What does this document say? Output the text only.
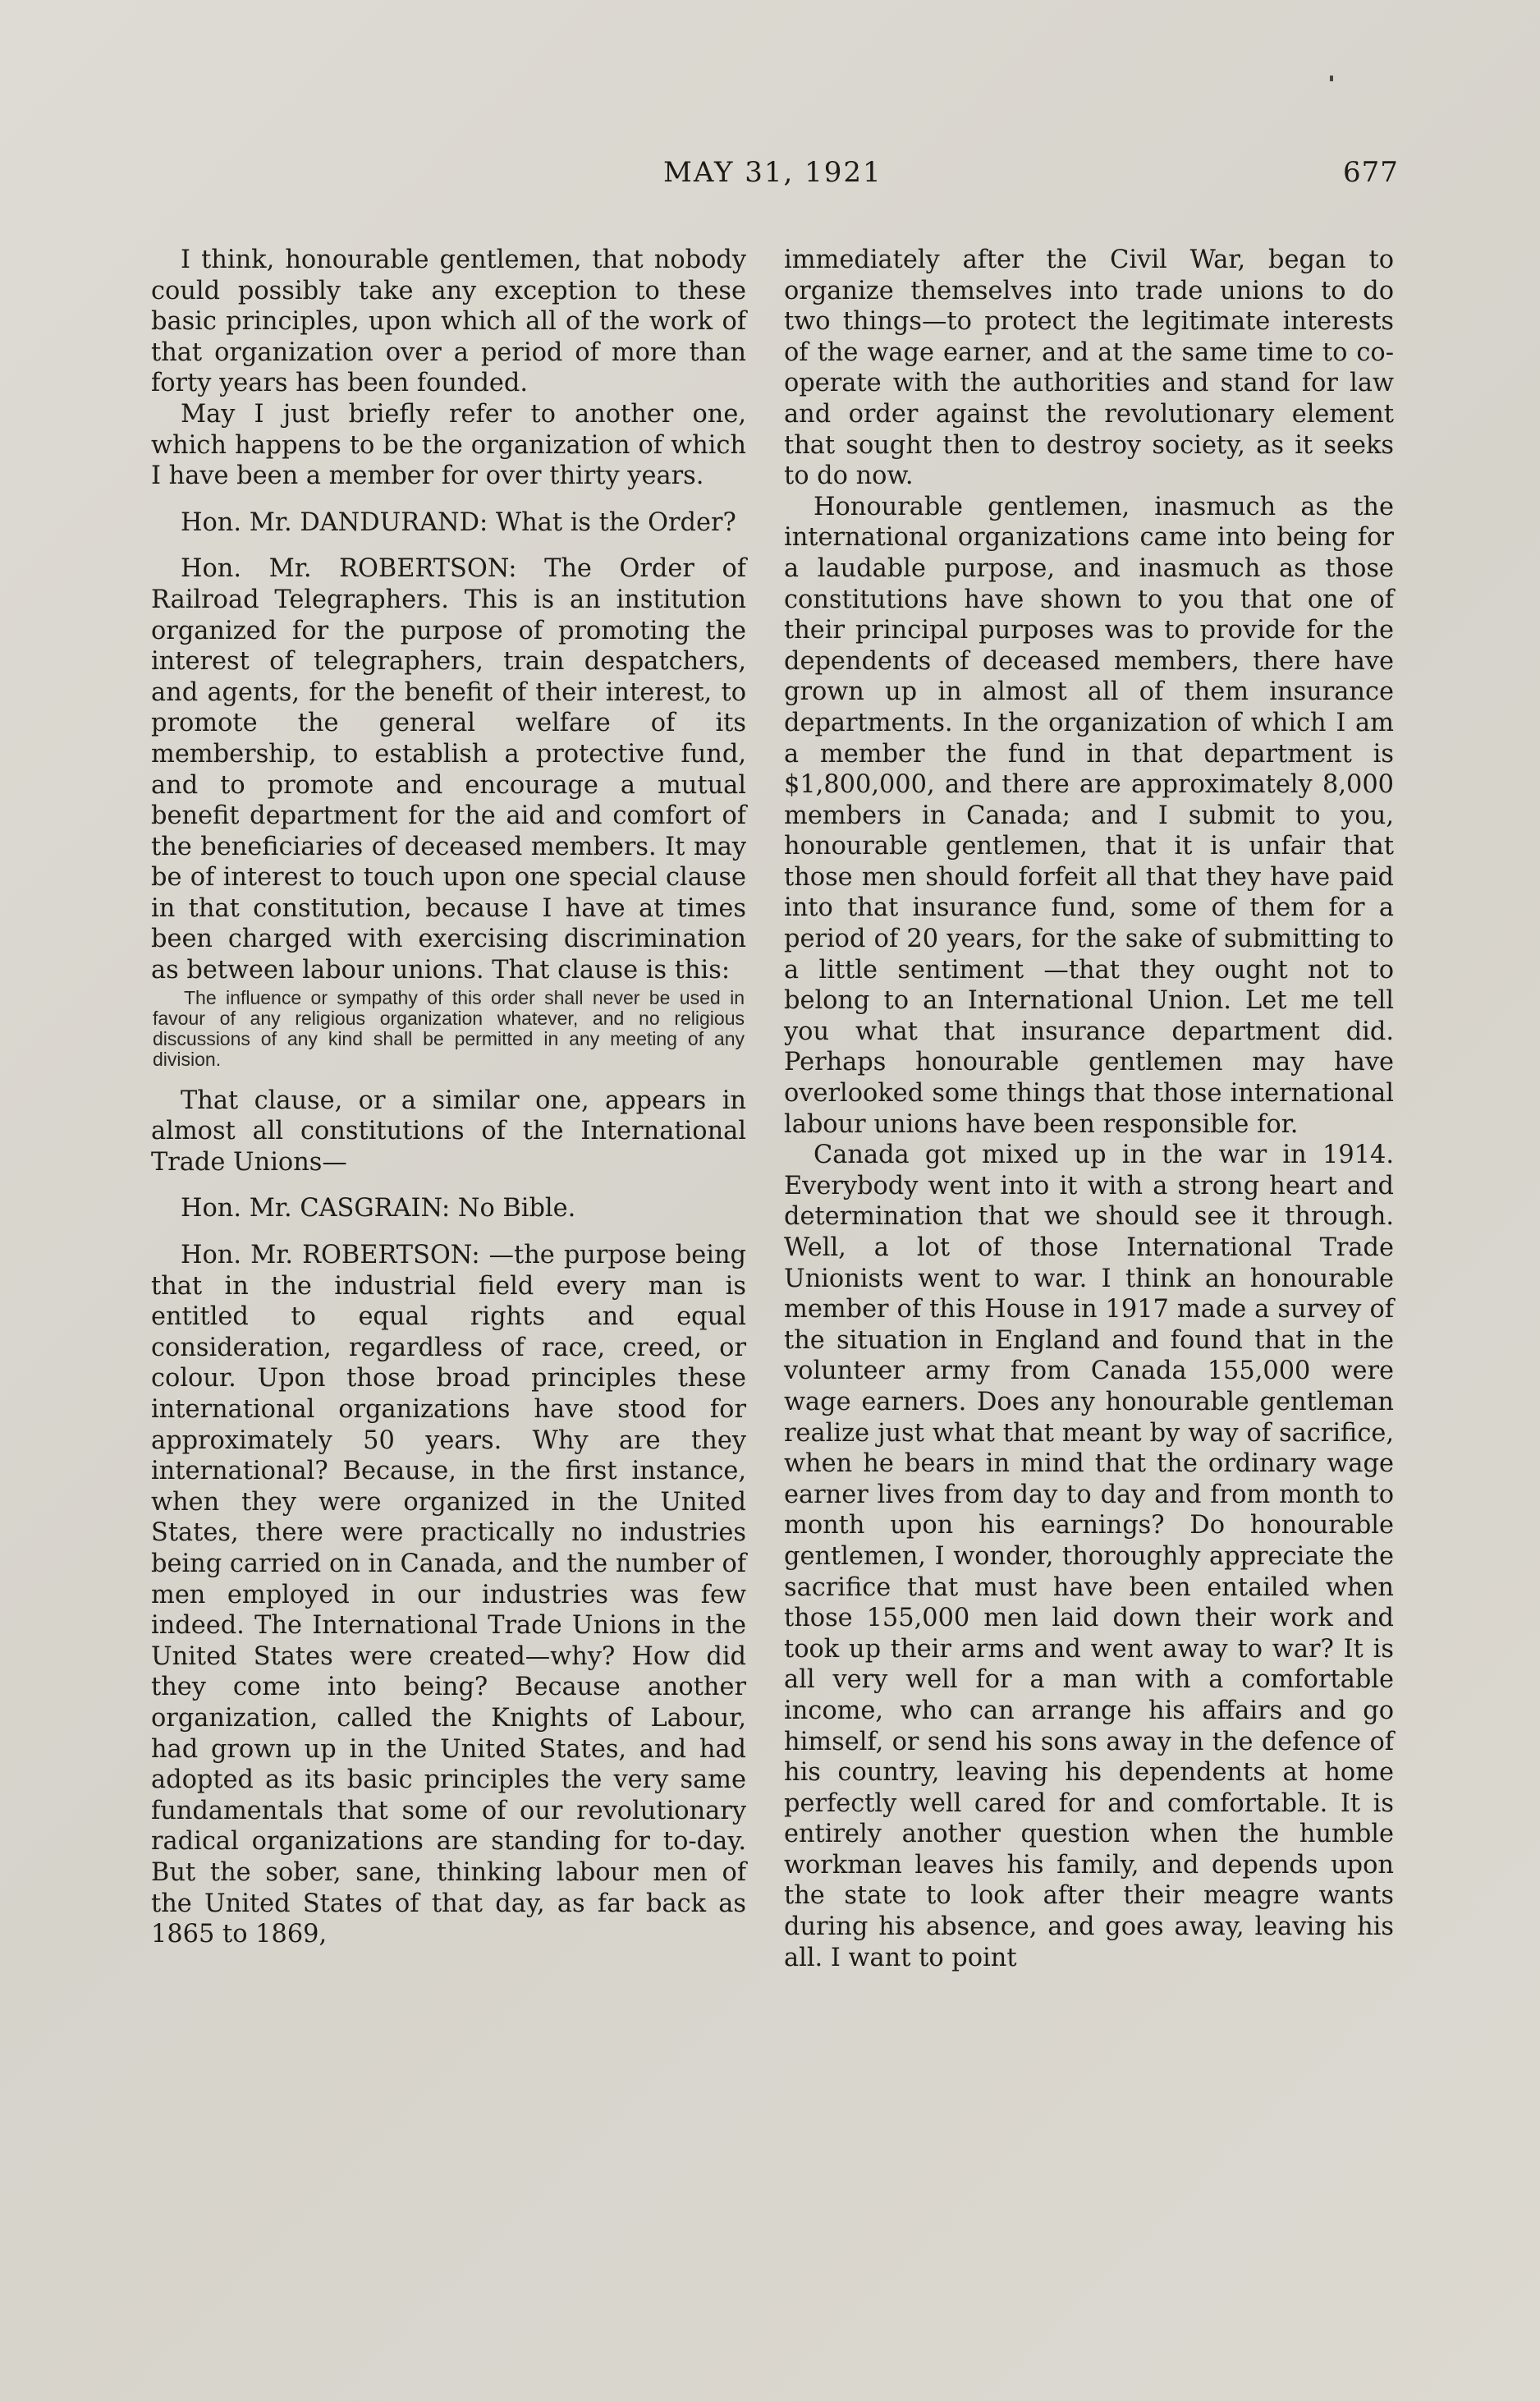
MAY 31, 1921	677

I think, honourable gentlemen, that nobody could possibly take any exception to these basic principles, upon which all of the work of that organization over a period of more than forty years has been founded.

May I just briefly refer to another one, which happens to be the organization of which I have been a member for over thirty years.

Hon. Mr. DANDURAND: What is the Order?

Hon. Mr. ROBERTSON: The Order of Railroad Telegraphers. This is an institution organized for the purpose of promoting the interest of telegraphers, train despatchers, and agents, for the benefit of their interest, to promote the general welfare of its membership, to establish a protective fund, and to promote and encourage a mutual benefit department for the aid and comfort of the beneficiaries of deceased members. It may be of interest to touch upon one special clause in that constitution, because I have at times been charged with exercising discrimination as between labour unions. That clause is this:

The influence or sympathy of this order shall never be used in favour of any religious organization whatever, and no religious discussions of any kind shall be permitted in any meeting of any division.

That clause, or a similar one, appears in almost all constitutions of the International Trade Unions—

Hon. Mr. CASGRAIN: No Bible.

Hon. Mr. ROBERTSON: —the purpose being that in the industrial field every man is entitled to equal rights and equal consideration, regardless of race, creed, or colour. Upon those broad principles these international organizations have stood for approximately 50 years. Why are they international? Because, in the first instance, when they were organized in the United States, there were practically no industries being carried on in Canada, and the number of men employed in our industries was few indeed. The International Trade Unions in the United States were created—why? How did they come into being? Because another organization, called the Knights of Labour, had grown up in the United States, and had adopted as its basic principles the very same fundamentals that some of our revolutionary radical organizations are standing for to-day. But the sober, sane, thinking labour men of the United States of that day, as far back as 1865 to 1869,

immediately after the Civil War, began to organize themselves into trade unions to do two things—to protect the legitimate interests of the wage earner, and at the same time to co-operate with the authorities and stand for law and order against the revolutionary element that sought then to destroy society, as it seeks to do now.

Honourable gentlemen, inasmuch as the international organizations came into being for a laudable purpose, and inasmuch as those constitutions have shown to you that one of their principal purposes was to provide for the dependents of deceased members, there have grown up in almost all of them insurance departments. In the organization of which I am a member the fund in that department is $1,800,000, and there are approximately 8,000 members in Canada; and I submit to you, honourable gentlemen, that it is unfair that those men should forfeit all that they have paid into that insurance fund, some of them for a period of 20 years, for the sake of submitting to a little sentiment —that they ought not to belong to an International Union. Let me tell you what that insurance department did. Perhaps honourable gentlemen may have overlooked some things that those international labour unions have been responsible for.

Canada got mixed up in the war in 1914. Everybody went into it with a strong heart and determination that we should see it through. Well, a lot of those International Trade Unionists went to war. I think an honourable member of this House in 1917 made a survey of the situation in England and found that in the volunteer army from Canada 155,000 were wage earners. Does any honourable gentleman realize just what that meant by way of sacrifice, when he bears in mind that the ordinary wage earner lives from day to day and from month to month upon his earnings? Do honourable gentlemen, I wonder, thoroughly appreciate the sacrifice that must have been entailed when those 155,000 men laid down their work and took up their arms and went away to war? It is all very well for a man with a comfortable income, who can arrange his affairs and go himself, or send his sons away in the defence of his country, leaving his dependents at home perfectly well cared for and comfortable. It is entirely another question when the humble workman leaves his family, and depends upon the state to look after their meagre wants during his absence, and goes away, leaving his all. I want to point
